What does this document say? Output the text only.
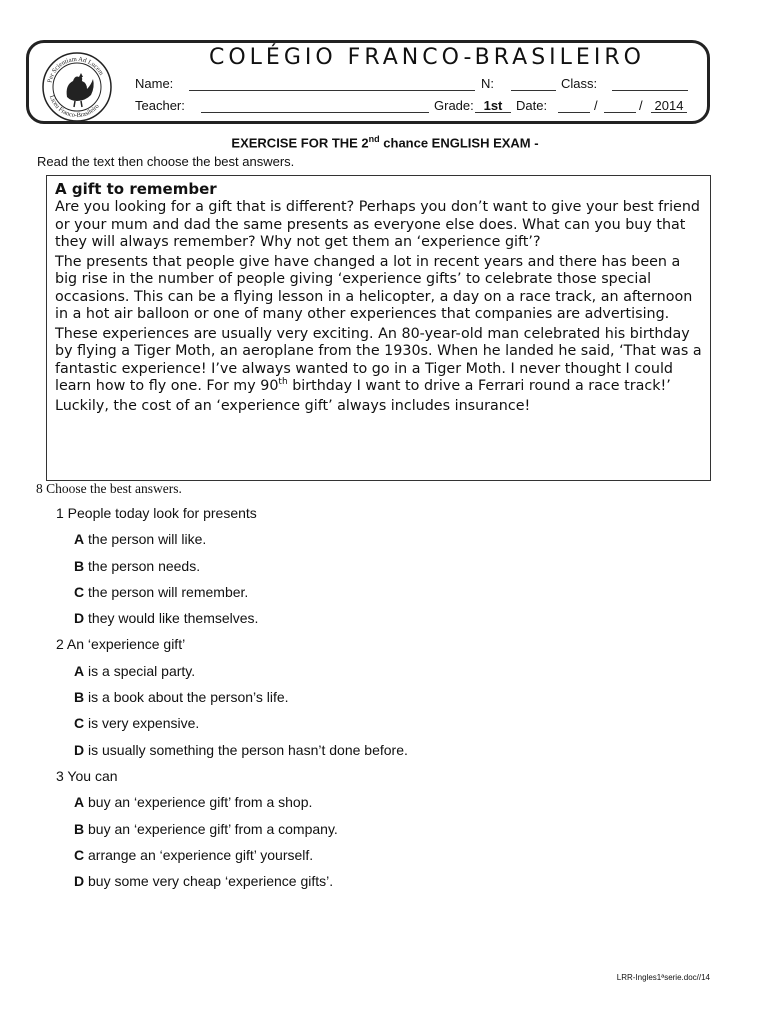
Per Scientiam Ad Lucem
Liceu Franco-Brasileiro
COLÉGIO FRANCO-BRASILEIRO
Name:	N:	Class:
Teacher:	Grade: 1st	Date:	/	/ 2014
EXERCISE FOR THE 2nd chance ENGLISH EXAM -
Read the text then choose the best answers.
A gift to remember

Are you looking for a gift that is different? Perhaps you don’t want to give your best friend or your mum and dad the same presents as everyone else does. What can you buy that they will always remember? Why not get them an ‘experience gift’?

The presents that people give have changed a lot in recent years and there has been a big rise in the number of people giving ‘experience gifts’ to celebrate those special occasions. This can be a flying lesson in a helicopter, a day on a race track, an afternoon in a hot air balloon or one of many other experiences that companies are advertising.

These experiences are usually very exciting. An 80-year-old man celebrated his birthday by flying a Tiger Moth, an aeroplane from the 1930s. When he landed he said, ‘That was a fantastic experience! I’ve always wanted to go in a Tiger Moth. I never thought I could learn how to fly one. For my 90th birthday I want to drive a Ferrari round a race track!’

Luckily, the cost of an ‘experience gift’ always includes insurance!

8 Choose the best answers.
1 People today look for presents
A the person will like.
B the person needs.
C the person will remember.
D they would like themselves.
2 An ‘experience gift’
A is a special party.
B is a book about the person’s life.
C is very expensive.
D is usually something the person hasn’t done before.
3 You can
A buy an ‘experience gift’ from a shop.
B buy an ‘experience gift’ from a company.
C arrange an ‘experience gift’ yourself.
D buy some very cheap ‘experience gifts’.
LRR-Ingles1ªserie.doc//14
